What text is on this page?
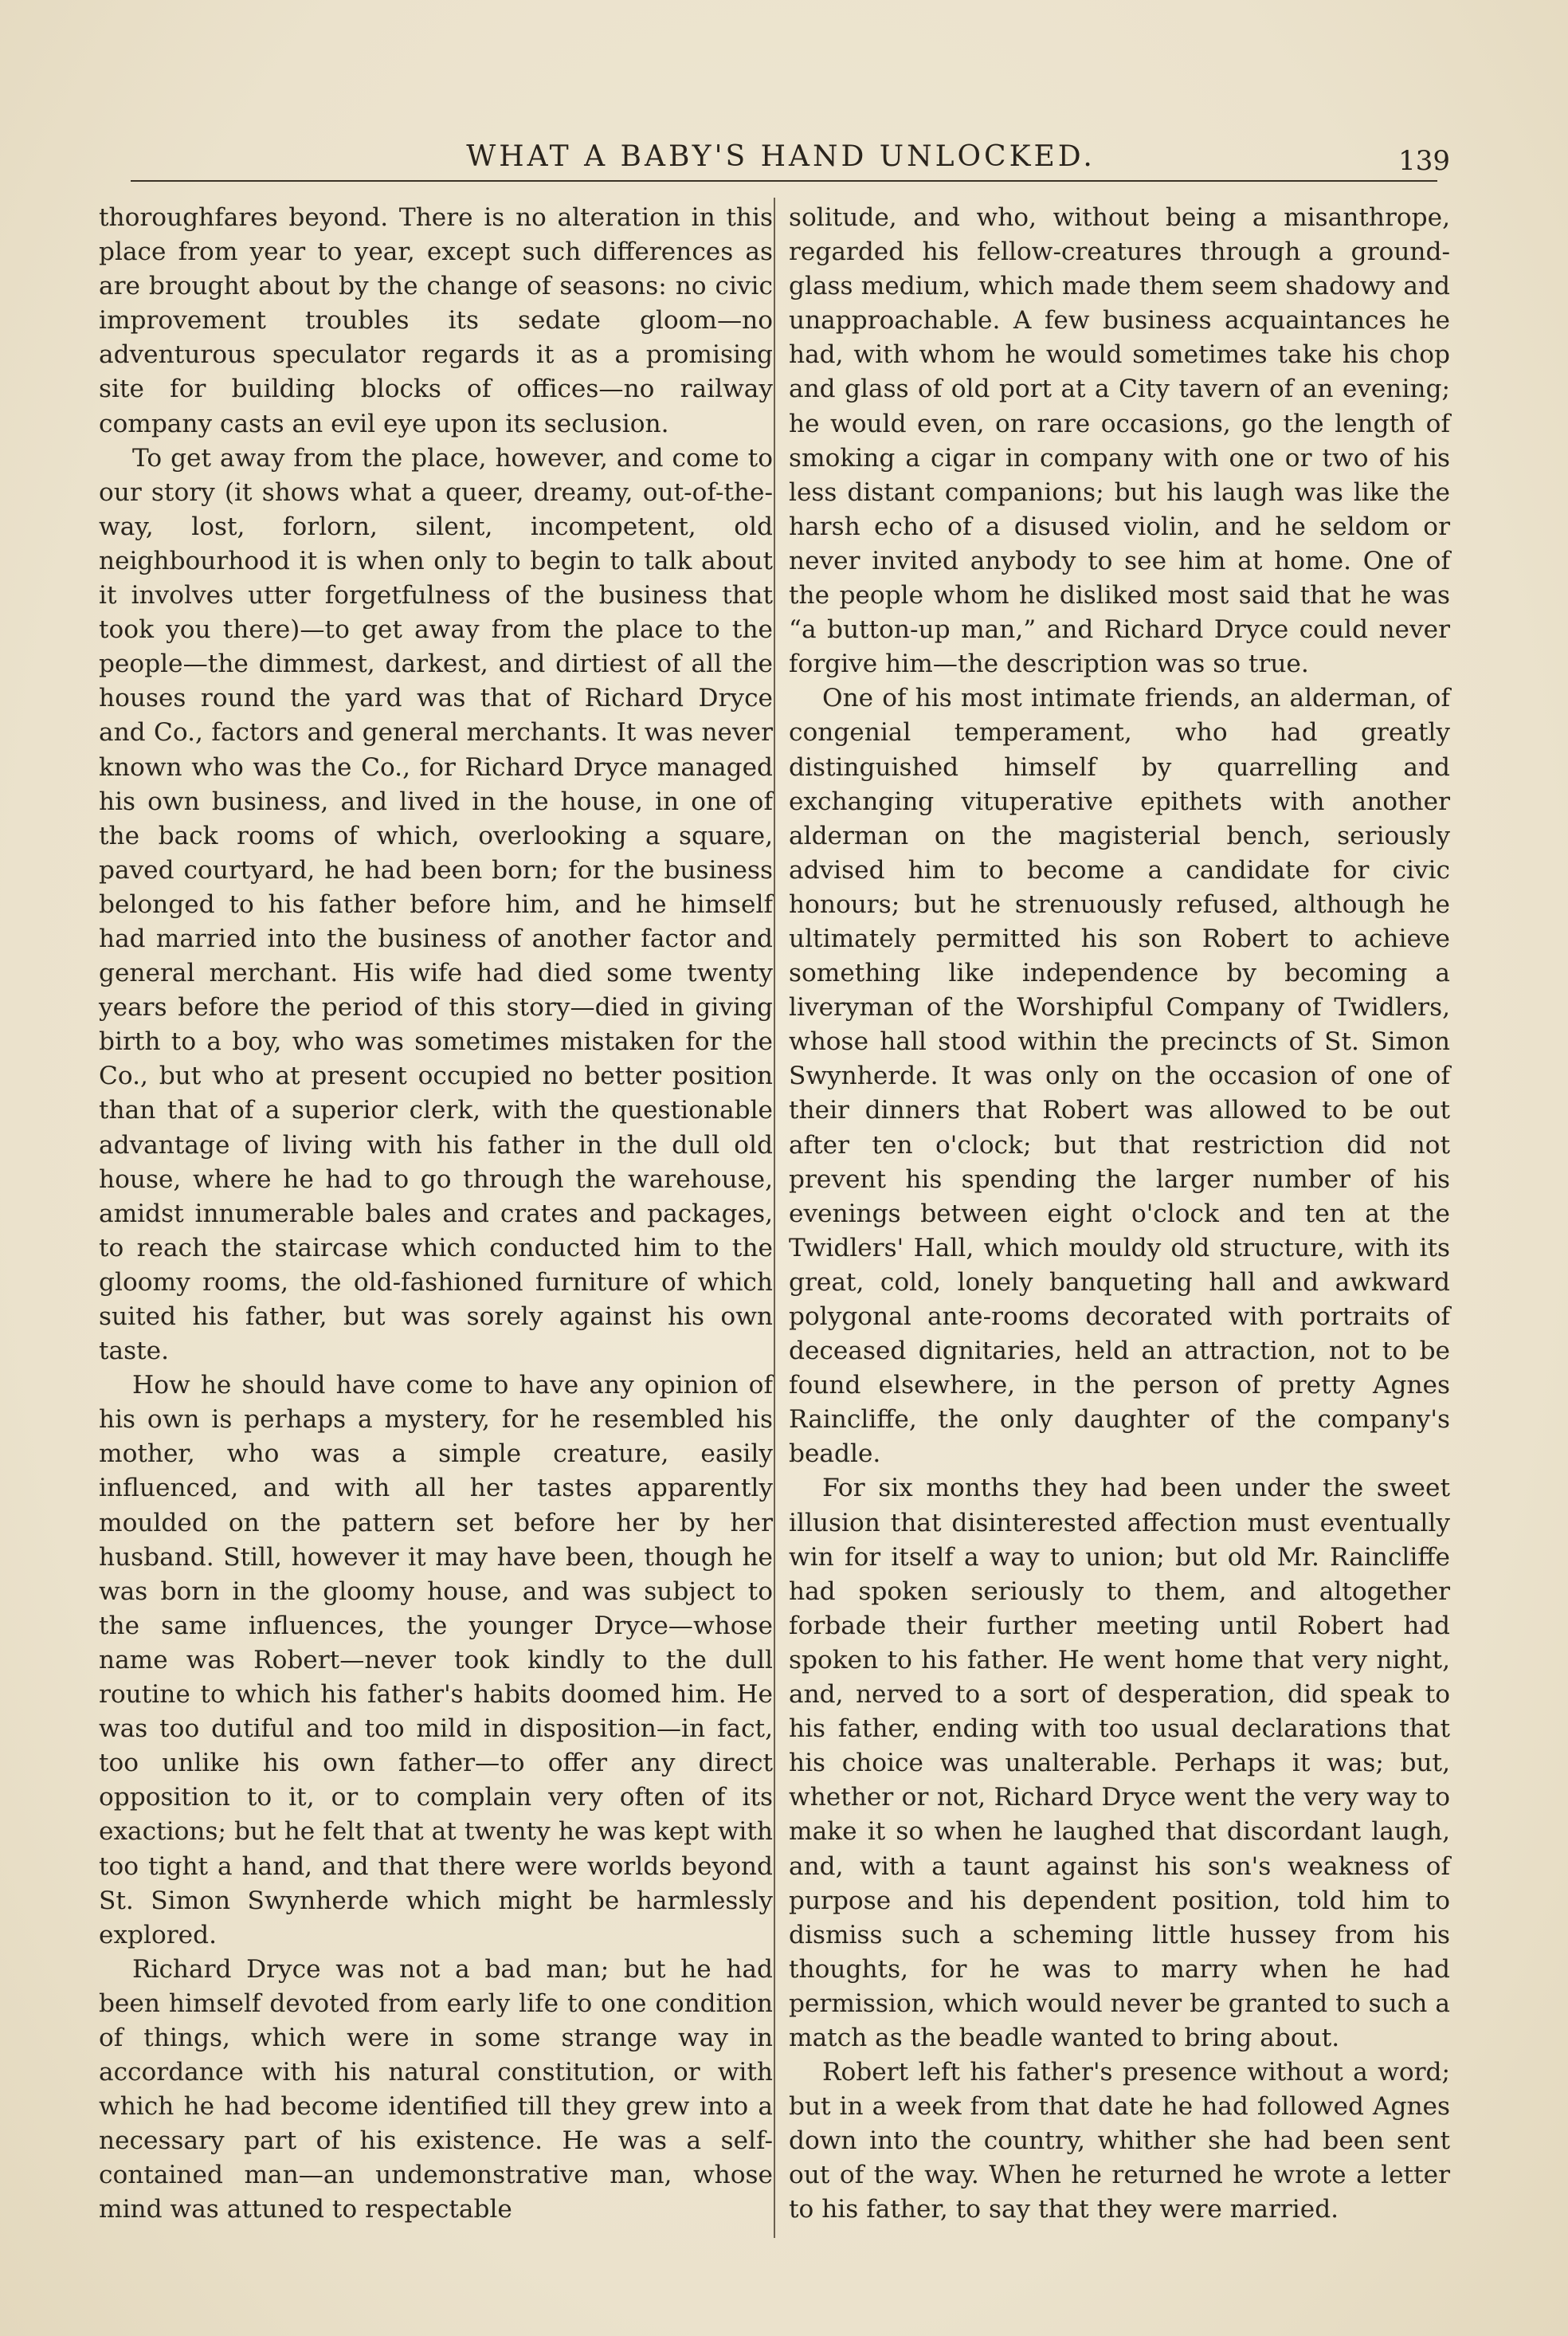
WHAT A BABY'S HAND UNLOCKED.	139

thoroughfares beyond. There is no alteration in this place from year to year, except such differences as are brought about by the change of seasons: no civic improvement troubles its sedate gloom—no adventurous speculator regards it as a promising site for building blocks of offices—no railway company casts an evil eye upon its seclusion.

To get away from the place, however, and come to our story (it shows what a queer, dreamy, out-of-the-way, lost, forlorn, silent, incompetent, old neighbourhood it is when only to begin to talk about it involves utter forgetfulness of the business that took you there)—to get away from the place to the people—the dimmest, darkest, and dirtiest of all the houses round the yard was that of Richard Dryce and Co., factors and general merchants. It was never known who was the Co., for Richard Dryce managed his own business, and lived in the house, in one of the back rooms of which, overlooking a square, paved courtyard, he had been born; for the business belonged to his father before him, and he himself had married into the business of another factor and general merchant. His wife had died some twenty years before the period of this story—died in giving birth to a boy, who was sometimes mistaken for the Co., but who at present occupied no better position than that of a superior clerk, with the questionable advantage of living with his father in the dull old house, where he had to go through the warehouse, amidst innumerable bales and crates and packages, to reach the staircase which conducted him to the gloomy rooms, the old-fashioned furniture of which suited his father, but was sorely against his own taste.

How he should have come to have any opinion of his own is perhaps a mystery, for he resembled his mother, who was a simple creature, easily influenced, and with all her tastes apparently moulded on the pattern set before her by her husband. Still, however it may have been, though he was born in the gloomy house, and was subject to the same influences, the younger Dryce—whose name was Robert—never took kindly to the dull routine to which his father's habits doomed him. He was too dutiful and too mild in disposition—in fact, too unlike his own father—to offer any direct opposition to it, or to complain very often of its exactions; but he felt that at twenty he was kept with too tight a hand, and that there were worlds beyond St. Simon Swynherde which might be harmlessly explored.

Richard Dryce was not a bad man; but he had been himself devoted from early life to one condition of things, which were in some strange way in accordance with his natural constitution, or with which he had become identified till they grew into a necessary part of his existence. He was a self-contained man—an undemonstrative man, whose mind was attuned to respectable

solitude, and who, without being a misanthrope, regarded his fellow-creatures through a ground-glass medium, which made them seem shadowy and unapproachable. A few business acquaintances he had, with whom he would sometimes take his chop and glass of old port at a City tavern of an evening; he would even, on rare occasions, go the length of smoking a cigar in company with one or two of his less distant companions; but his laugh was like the harsh echo of a disused violin, and he seldom or never invited anybody to see him at home. One of the people whom he disliked most said that he was “a button-up man,” and Richard Dryce could never forgive him—the description was so true.

One of his most intimate friends, an alderman, of congenial temperament, who had greatly distinguished himself by quarrelling and exchanging vituperative epithets with another alderman on the magisterial bench, seriously advised him to become a candidate for civic honours; but he strenuously refused, although he ultimately permitted his son Robert to achieve something like independence by becoming a liveryman of the Worshipful Company of Twidlers, whose hall stood within the precincts of St. Simon Swynherde. It was only on the occasion of one of their dinners that Robert was allowed to be out after ten o'clock; but that restriction did not prevent his spending the larger number of his evenings between eight o'clock and ten at the Twidlers' Hall, which mouldy old structure, with its great, cold, lonely banqueting hall and awkward polygonal ante-rooms decorated with portraits of deceased dignitaries, held an attraction, not to be found elsewhere, in the person of pretty Agnes Raincliffe, the only daughter of the company's beadle.

For six months they had been under the sweet illusion that disinterested affection must eventually win for itself a way to union; but old Mr. Raincliffe had spoken seriously to them, and altogether forbade their further meeting until Robert had spoken to his father. He went home that very night, and, nerved to a sort of desperation, did speak to his father, ending with too usual declarations that his choice was unalterable. Perhaps it was; but, whether or not, Richard Dryce went the very way to make it so when he laughed that discordant laugh, and, with a taunt against his son's weakness of purpose and his dependent position, told him to dismiss such a scheming little hussey from his thoughts, for he was to marry when he had permission, which would never be granted to such a match as the beadle wanted to bring about.

Robert left his father's presence without a word; but in a week from that date he had followed Agnes down into the country, whither she had been sent out of the way. When he returned he wrote a letter to his father, to say that they were married.
